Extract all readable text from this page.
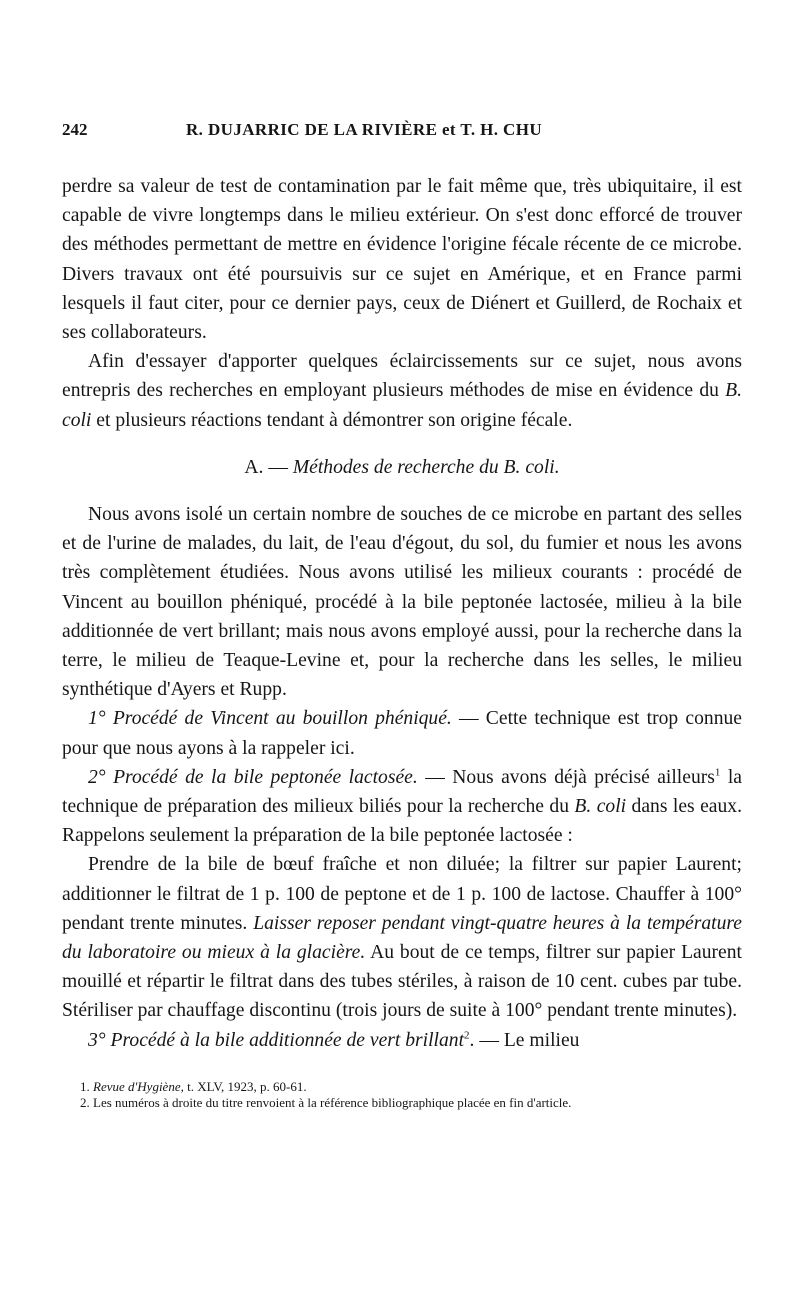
242	R. DUJARRIC DE LA RIVIÈRE et T. H. CHU

perdre sa valeur de test de contamination par le fait même que, très ubiquitaire, il est capable de vivre longtemps dans le milieu extérieur. On s'est donc efforcé de trouver des méthodes permettant de mettre en évidence l'origine fécale récente de ce microbe. Divers travaux ont été poursuivis sur ce sujet en Amérique, et en France parmi lesquels il faut citer, pour ce dernier pays, ceux de Diénert et Guillerd, de Rochaix et ses collaborateurs.

Afin d'essayer d'apporter quelques éclaircissements sur ce sujet, nous avons entrepris des recherches en employant plusieurs méthodes de mise en évidence du B. coli et plusieurs réactions tendant à démontrer son origine fécale.

A. — Méthodes de recherche du B. coli.

Nous avons isolé un certain nombre de souches de ce microbe en partant des selles et de l'urine de malades, du lait, de l'eau d'égout, du sol, du fumier et nous les avons très complètement étudiées. Nous avons utilisé les milieux courants : procédé de Vincent au bouillon phéniqué, procédé à la bile peptonée lactosée, milieu à la bile additionnée de vert brillant; mais nous avons employé aussi, pour la recherche dans la terre, le milieu de Teaque-Levine et, pour la recherche dans les selles, le milieu synthétique d'Ayers et Rupp.

1° Procédé de Vincent au bouillon phéniqué. — Cette technique est trop connue pour que nous ayons à la rappeler ici.

2° Procédé de la bile peptonée lactosée. — Nous avons déjà précisé ailleurs$^1$ la technique de préparation des milieux biliés pour la recherche du B. coli dans les eaux. Rappelons seulement la préparation de la bile peptonée lactosée :

Prendre de la bile de bœuf fraîche et non diluée; la filtrer sur papier Laurent; additionner le filtrat de 1 p. 100 de peptone et de 1 p. 100 de lactose. Chauffer à 100° pendant trente minutes. Laisser reposer pendant vingt-quatre heures à la température du laboratoire ou mieux à la glacière. Au bout de ce temps, filtrer sur papier Laurent mouillé et répartir le filtrat dans des tubes stériles, à raison de 10 cent. cubes par tube. Stériliser par chauffage discontinu (trois jours de suite à 100° pendant trente minutes).

3° Procédé à la bile additionnée de vert brillant$^2$. — Le milieu

1. Revue d'Hygiène, t. XLV, 1923, p. 60-61.

2. Les numéros à droite du titre renvoient à la référence bibliographique placée en fin d'article.
